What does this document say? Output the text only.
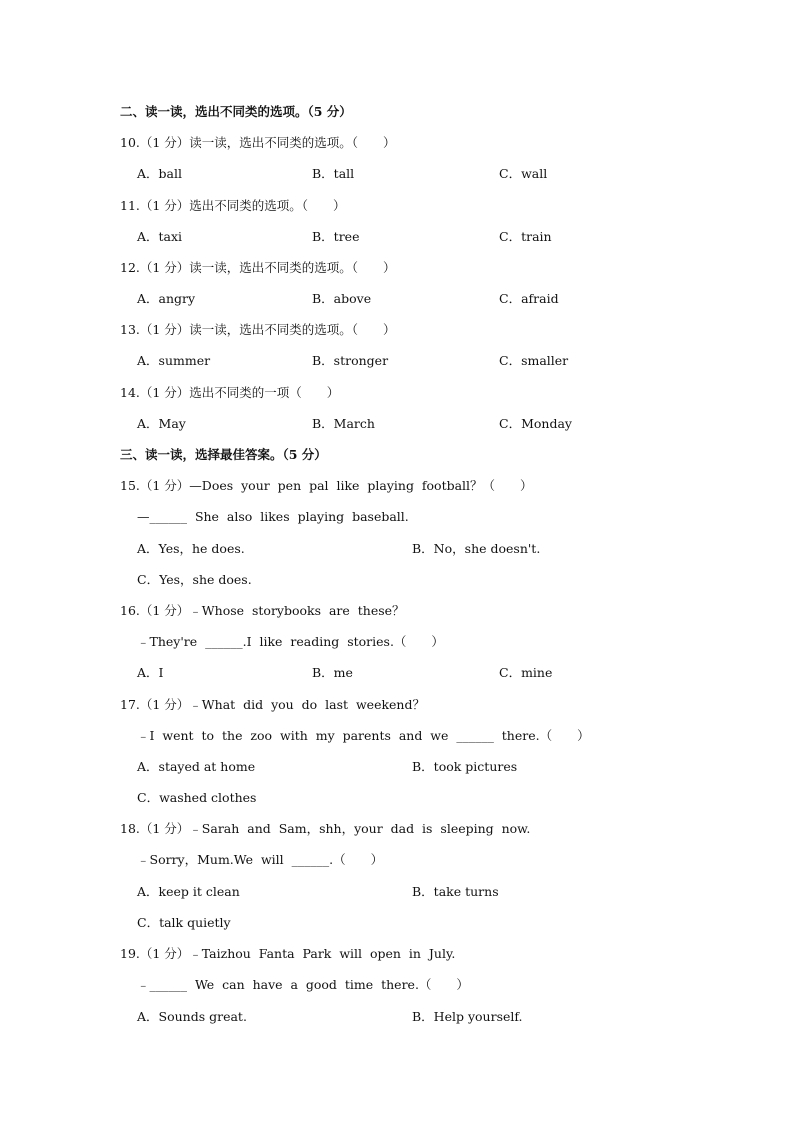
二、读一读，选出不同类的选项。（5 分）
10.（1 分）读一读，选出不同类的选项。（　　）
A．ball	B．tall	C．wall
11.（1 分）选出不同类的选项。（　　）
A．taxi	B．tree	C．train
12.（1 分）读一读，选出不同类的选项。（　　）
A．angry	B．above	C．afraid
13.（1 分）读一读，选出不同类的选项。（　　）
A．summer	B．stronger	C．smaller
14.（1 分）选出不同类的一项（　　）
A．May	B．March	C．Monday
三、读一读，选择最佳答案。（5 分）
15.（1 分）—Does  your  pen  pal  like  playing  football？（　　）
—______  She  also  likes  playing  baseball.
A．Yes，he does.	B．No，she doesn't.
C．Yes，she does.
16.（1 分）﹣Whose  storybooks  are  these？
﹣They're  ______.I  like  reading  stories.（　　）
A．I	B．me	C．mine
17.（1 分）﹣What  did  you  do  last  weekend？
﹣I  went  to  the  zoo  with  my  parents  and  we  ______  there.（　　）
A．stayed at home	B．took pictures
C．washed clothes
18.（1 分）﹣Sarah  and  Sam，shh，your  dad  is  sleeping  now.
﹣Sorry，Mum.We  will  ______.（　　）
A．keep it clean	B．take turns
C．talk quietly
19.（1 分）﹣Taizhou  Fanta  Park  will  open  in  July.
﹣______  We  can  have  a  good  time  there.（　　）
A．Sounds great.	B．Help yourself.
